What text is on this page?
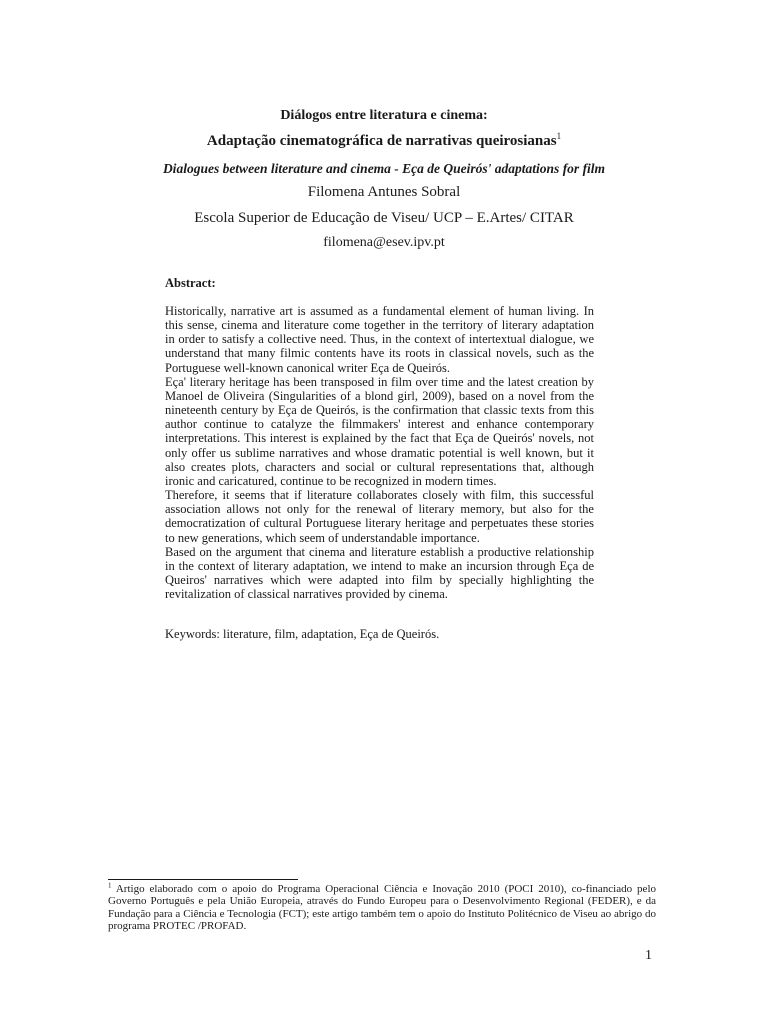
Diálogos entre literatura e cinema:
Adaptação cinematográfica de narrativas queirosianas$^1$
Dialogues between literature and cinema - Eça de Queirós' adaptations for film
Filomena Antunes Sobral
Escola Superior de Educação de Viseu/ UCP – E.Artes/ CITAR
filomena@esev.ipv.pt
Abstract:

Historically, narrative art is assumed as a fundamental element of human living. In this sense, cinema and literature come together in the territory of literary adaptation in order to satisfy a collective need. Thus, in the context of intertextual dialogue, we understand that many filmic contents have its roots in classical novels, such as the Portuguese well-known canonical writer Eça de Queirós.

Eça' literary heritage has been transposed in film over time and the latest creation by Manoel de Oliveira (Singularities of a blond girl, 2009), based on a novel from the nineteenth century by Eça de Queirós, is the confirmation that classic texts from this author continue to catalyze the filmmakers' interest and enhance contemporary interpretations. This interest is explained by the fact that Eça de Queirós' novels, not only offer us sublime narratives and whose dramatic potential is well known, but it also creates plots, characters and social or cultural representations that, although ironic and caricatured, continue to be recognized in modern times.

Therefore, it seems that if literature collaborates closely with film, this successful association allows not only for the renewal of literary memory, but also for the democratization of cultural Portuguese literary heritage and perpetuates these stories to new generations, which seem of understandable importance.

Based on the argument that cinema and literature establish a productive relationship in the context of literary adaptation, we intend to make an incursion through Eça de Queiros' narratives which were adapted into film by specially highlighting the revitalization of classical narratives provided by cinema.

Keywords: literature, film, adaptation, Eça de Queirós.
$^1$ Artigo elaborado com o apoio do Programa Operacional Ciência e Inovação 2010 (POCI 2010), co-financiado pelo Governo Português e pela União Europeia, através do Fundo Europeu para o Desenvolvimento Regional (FEDER), e da Fundação para a Ciência e Tecnologia (FCT); este artigo também tem o apoio do Instituto Politécnico de Viseu ao abrigo do programa PROTEC /PROFAD.
1
